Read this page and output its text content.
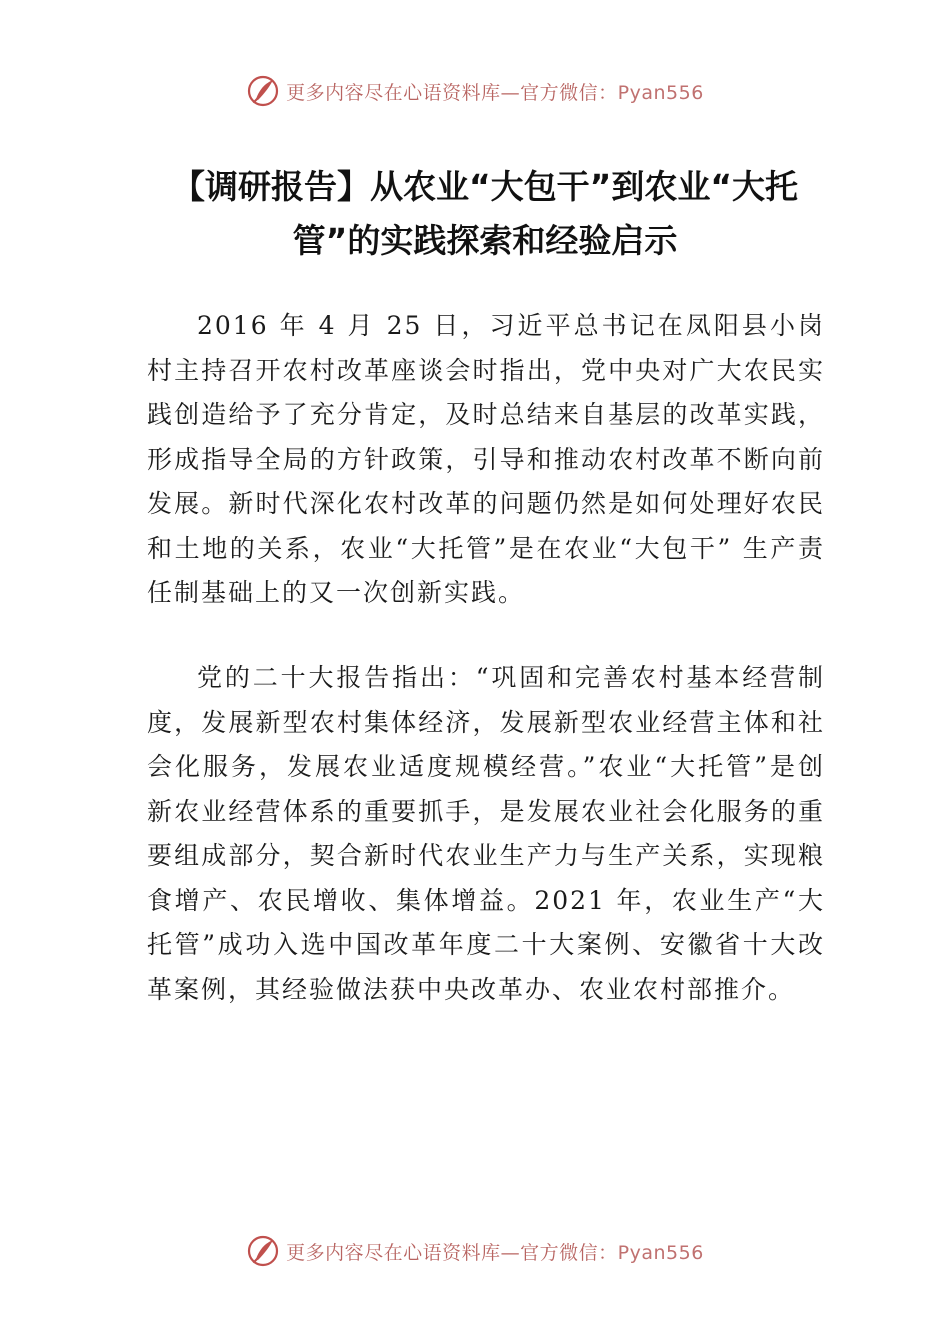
更多内容尽在心语资料库—官方微信：Pyan556
【调研报告】从农业“大包干”到农业“大托管”的实践探索和经验启示

2016 年 4 月 25 日，习近平总书记在凤阳县小岗村主持召开农村改革座谈会时指出，党中央对广大农民实践创造给予了充分肯定，及时总结来自基层的改革实践，形成指导全局的方针政策，引导和推动农村改革不断向前发展。新时代深化农村改革的问题仍然是如何处理好农民和土地的关系，农业“大托管”是在农业“大包干” 生产责任制基础上的又一次创新实践。

党的二十大报告指出：“巩固和完善农村基本经营制度，发展新型农村集体经济，发展新型农业经营主体和社会化服务，发展农业适度规模经营。”农业“大托管”是创新农业经营体系的重要抓手，是发展农业社会化服务的重要组成部分，契合新时代农业生产力与生产关系，实现粮食增产、农民增收、集体增益。2021 年，农业生产“大托管”成功入选中国改革年度二十大案例、安徽省十大改革案例，其经验做法获中央改革办、农业农村部推介。

更多内容尽在心语资料库—官方微信：Pyan556
